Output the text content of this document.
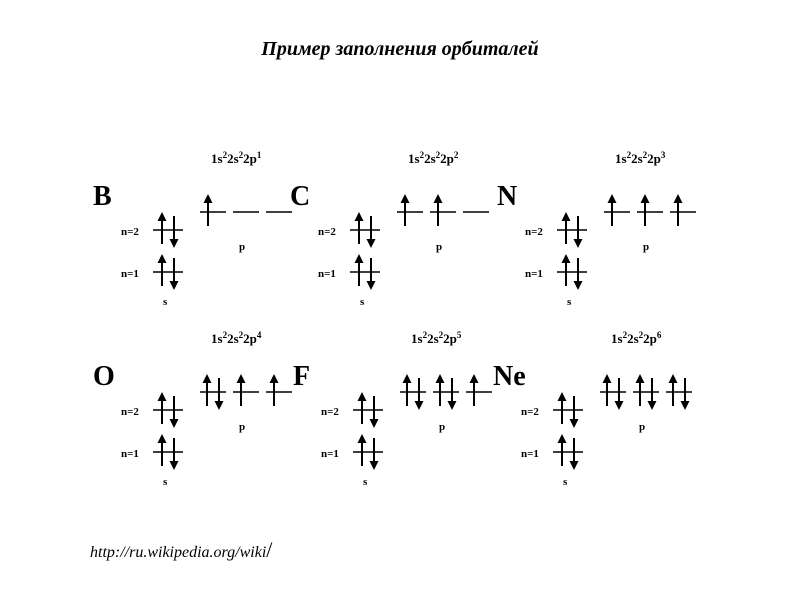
Пример заполнения орбиталей
B
$1s^22s^22p^1$
n=2
n=1
s
p
C
$1s^22s^22p^2$
n=2
n=1
s
p
N
$1s^22s^22p^3$
n=2
n=1
s
p
O
$1s^22s^22p^4$
n=2
n=1
s
p
F
$1s^22s^22p^5$
n=2
n=1
s
p
Ne
$1s^22s^22p^6$
n=2
n=1
s
p
http://ru.wikipedia.org/wiki/
